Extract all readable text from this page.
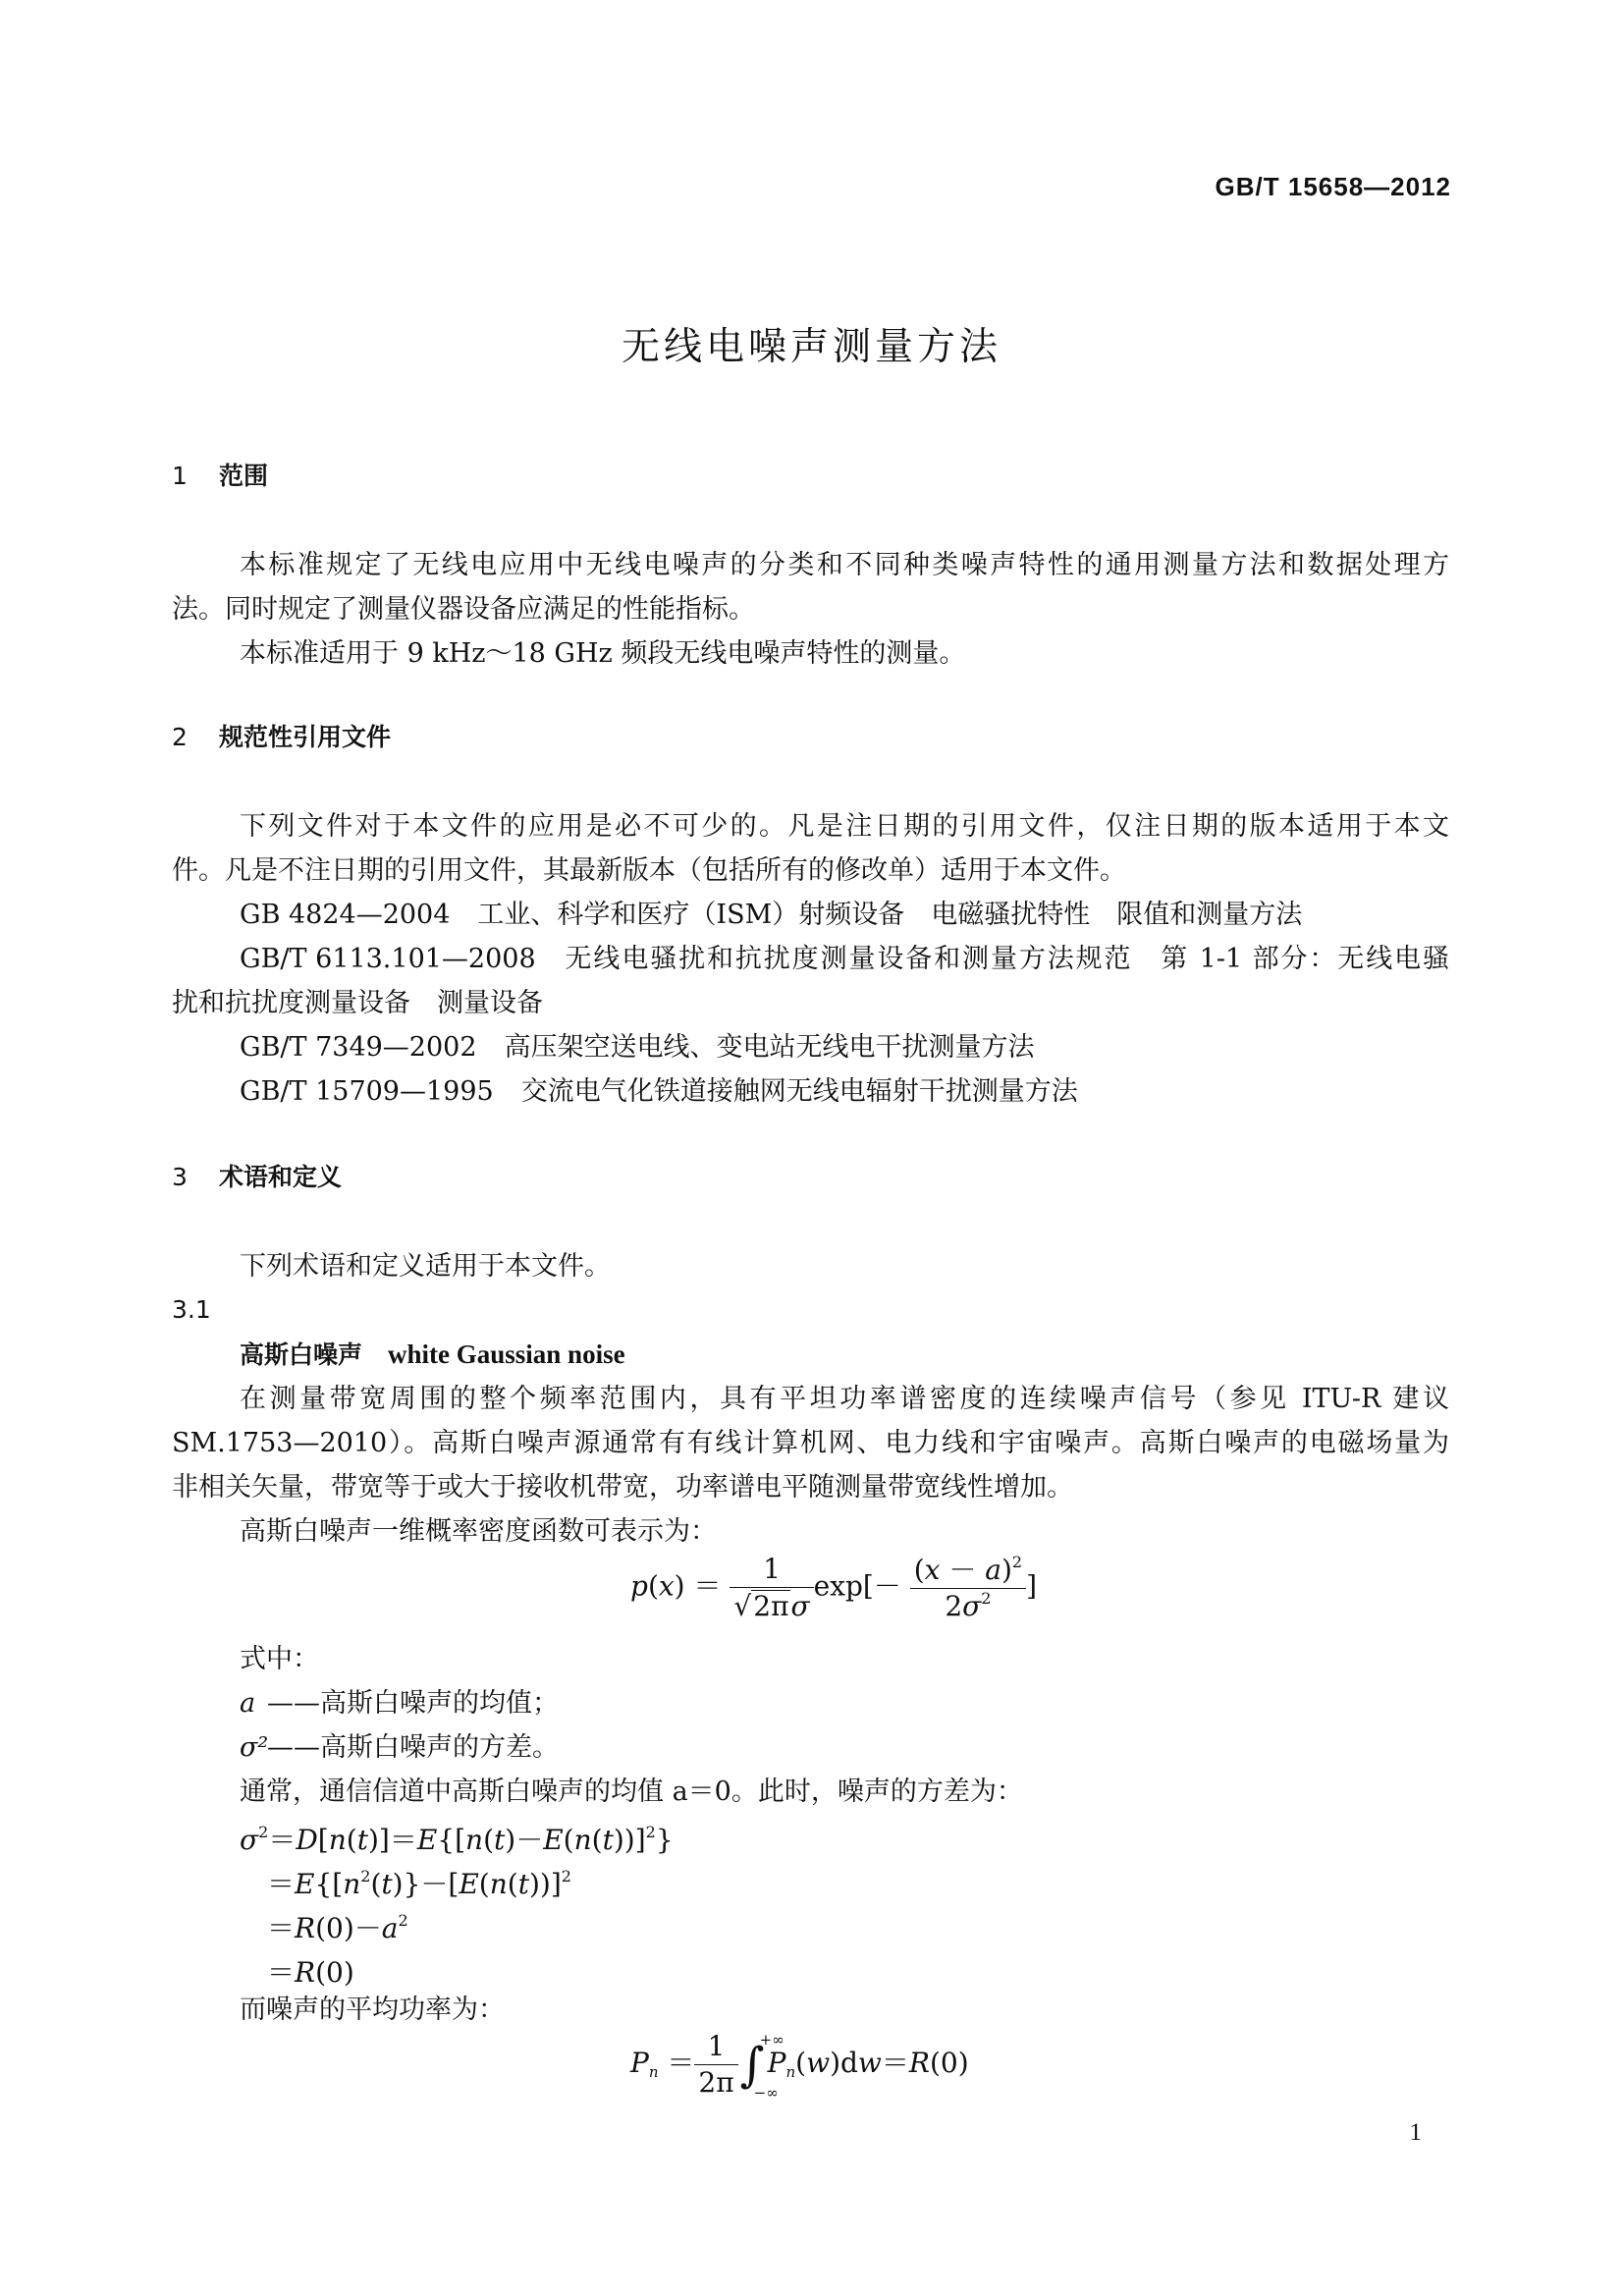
GB/T 15658—2012
无线电噪声测量方法
1 范围
本标准规定了无线电应用中无线电噪声的分类和不同种类噪声特性的通用测量方法和数据处理方
法。同时规定了测量仪器设备应满足的性能指标。
本标准适用于 9 kHz～18 GHz 频段无线电噪声特性的测量。
2 规范性引用文件
下列文件对于本文件的应用是必不可少的。凡是注日期的引用文件，仅注日期的版本适用于本文
件。凡是不注日期的引用文件，其最新版本（包括所有的修改单）适用于本文件。
GB 4824—2004 工业、科学和医疗（ISM）射频设备　电磁骚扰特性　限值和测量方法
GB/T 6113.101—2008 无线电骚扰和抗扰度测量设备和测量方法规范　第 1-1 部分：无线电骚
扰和抗扰度测量设备　测量设备
GB/T 7349—2002 高压架空送电线、变电站无线电干扰测量方法
GB/T 15709—1995 交流电气化铁道接触网无线电辐射干扰测量方法
3 术语和定义
下列术语和定义适用于本文件。
3.1
高斯白噪声 white Gaussian noise
在测量带宽周围的整个频率范围内，具有平坦功率谱密度的连续噪声信号（参见 ITU-R 建议
SM.1753—2010）。高斯白噪声源通常有有线计算机网、电力线和宇宙噪声。高斯白噪声的电磁场量为
非相关矢量，带宽等于或大于接收机带宽，功率谱电平随测量带宽线性增加。
高斯白噪声一维概率密度函数可表示为：
$p(x) = \frac{1}{√2\pi\sigma} \exp[- \frac{(x - a)^2}{2\sigma^2}$ ]
式中：
a ——高斯白噪声的均值；
σ²——高斯白噪声的方差。
通常，通信信道中高斯白噪声的均值 a＝0。此时，噪声的方差为：
$\sigma^2=D[n(t)]=E\{[n(t)-E(n(t))]^2\}$
$=E\{[n^2(t)\}-[E(n(t))]^2$
$=R(0)-a^2$
＝R(0)
而噪声的平均功率为：
$P_n = \frac{1}{2\pi}$ ∫
+∞
−∞
$P_n(w)dw=R(0)$
1
